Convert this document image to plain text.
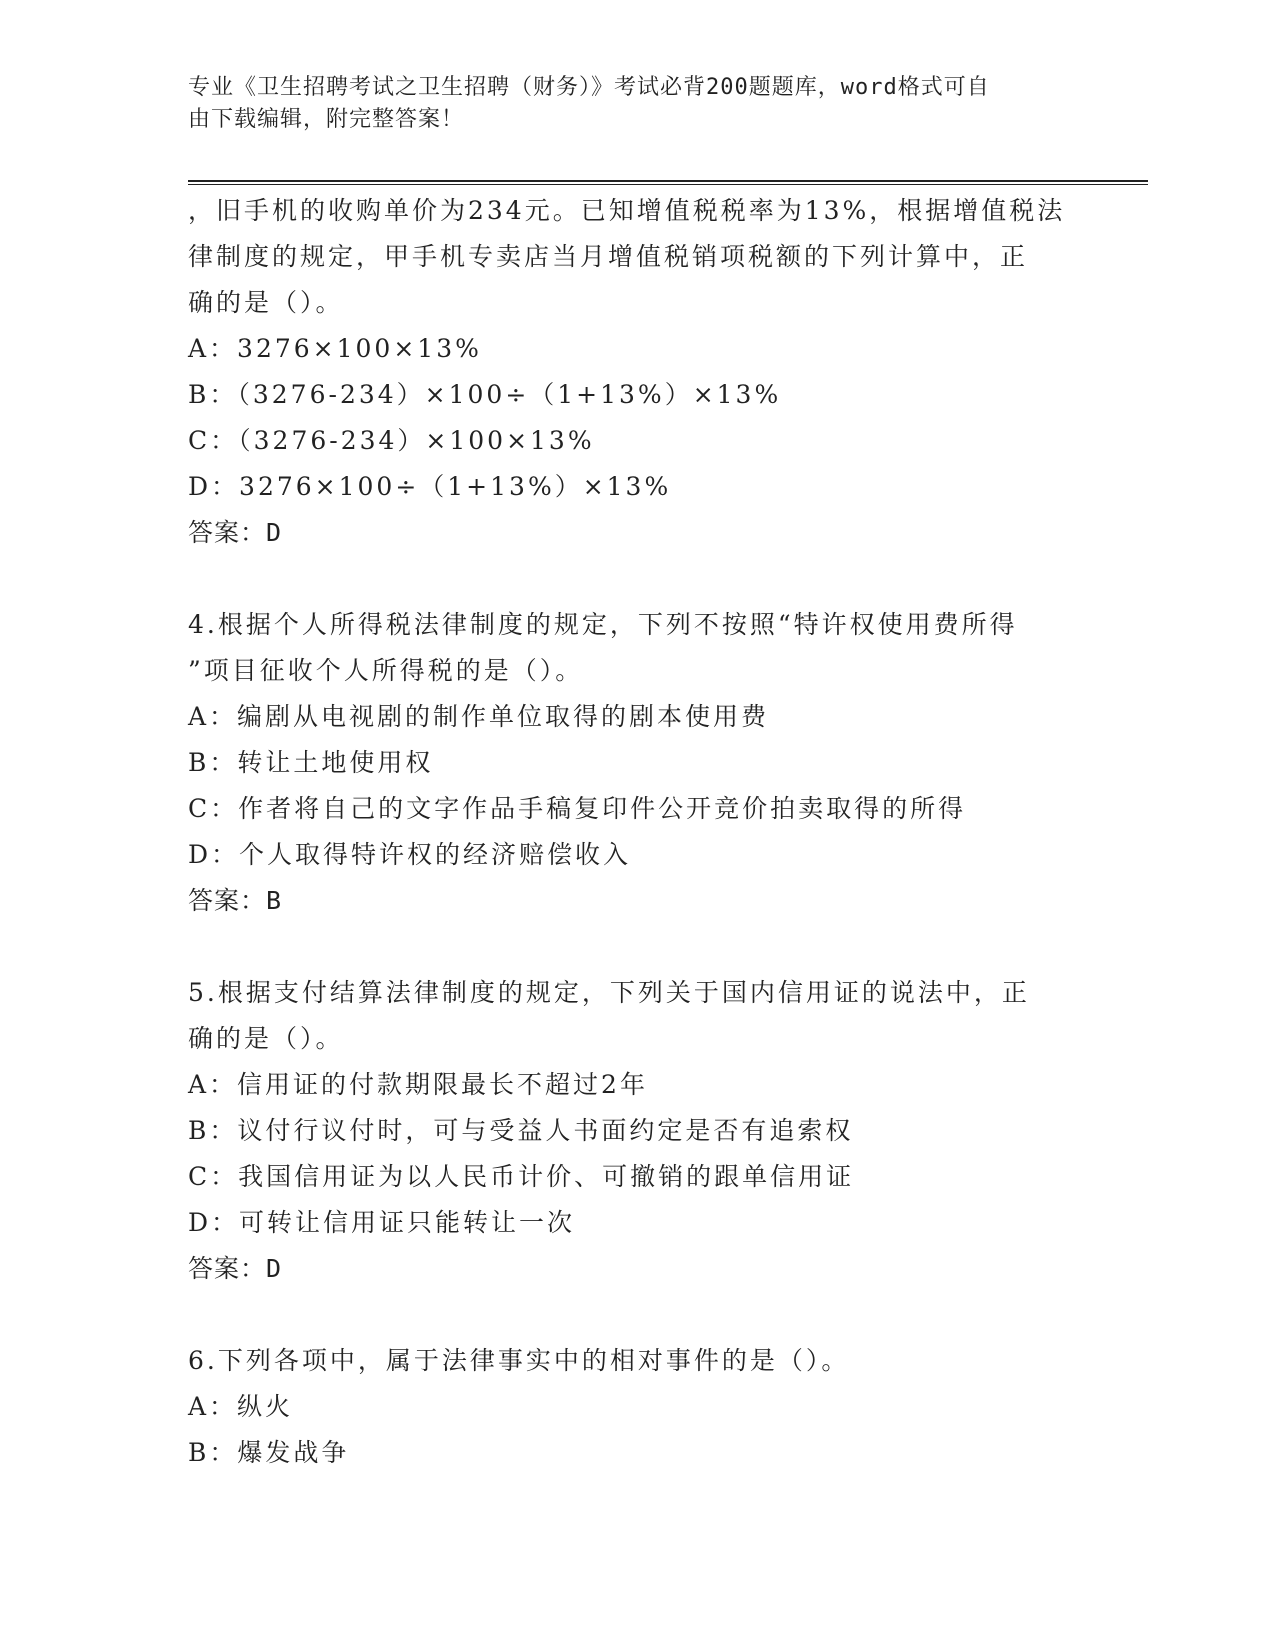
专业《卫生招聘考试之卫生招聘（财务）》考试必背200题题库，word格式可自
由下载编辑，附完整答案！
，旧手机的收购单价为234元。已知增值税税率为13%，根据增值税法
律制度的规定，甲手机专卖店当月增值税销项税额的下列计算中，正
确的是（）。
A：3276×100×13%
B：（3276-234）×100÷（1+13%）×13%
C：（3276-234）×100×13%
D：3276×100÷（1+13%）×13%
答案：D
4.根据个人所得税法律制度的规定，下列不按照“特许权使用费所得
”项目征收个人所得税的是（）。
A：编剧从电视剧的制作单位取得的剧本使用费
B：转让土地使用权
C：作者将自己的文字作品手稿复印件公开竞价拍卖取得的所得
D：个人取得特许权的经济赔偿收入
答案：B
5.根据支付结算法律制度的规定，下列关于国内信用证的说法中，正
确的是（）。
A：信用证的付款期限最长不超过2年
B：议付行议付时，可与受益人书面约定是否有追索权
C：我国信用证为以人民币计价、可撤销的跟单信用证
D：可转让信用证只能转让一次
答案：D
6.下列各项中，属于法律事实中的相对事件的是（）。
A：纵火
B：爆发战争
